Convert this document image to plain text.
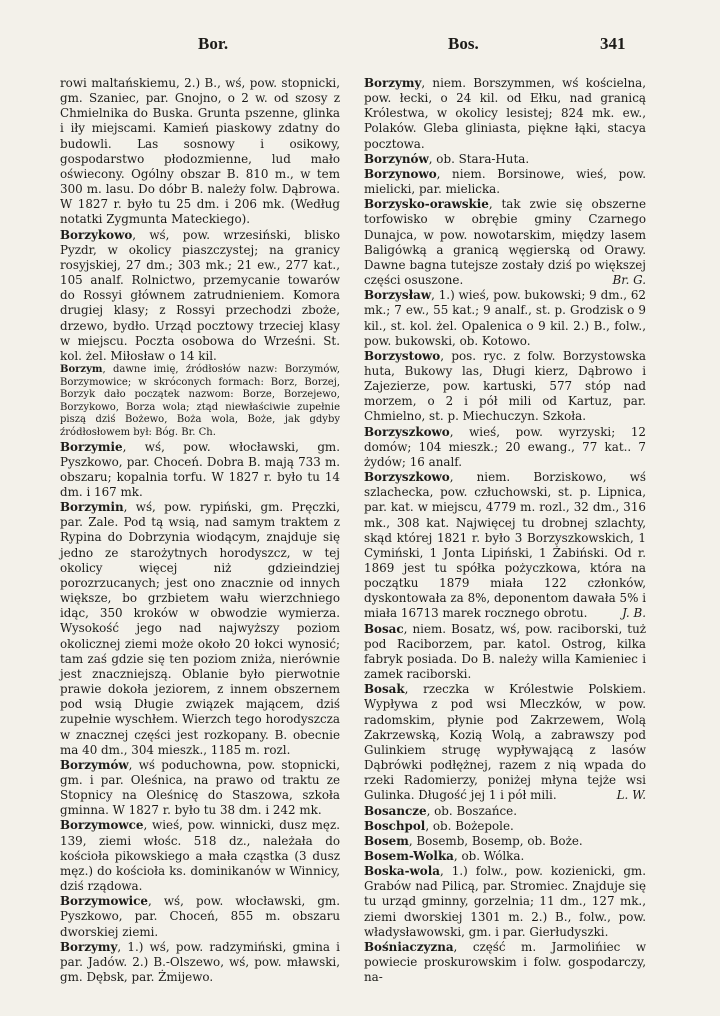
Bor.	Bos.	341

rowi maltańskiemu, 2.) B., wś, pow. stopnicki, gm. Szaniec, par. Gnojno, o 2 w. od szosy z Chmielnika do Buska. Grunta pszenne, glinka i iły miejscami. Kamień piaskowy zdatny do budowli. Las sosnowy i osikowy, gospodarstwo płodozmienne, lud mało oświecony. Ogólny obszar B. 810 m., w tem 300 m. lasu. Do dóbr B. należy folw. Dąbrowa. W 1827 r. było tu 25 dm. i 206 mk. (Według notatki Zygmunta Mateckiego).

Borzykowo, wś, pow. wrzesiński, blisko Pyzdr, w okolicy piaszczystej; na granicy rosyjskiej, 27 dm.; 303 mk.; 21 ew., 277 kat., 105 analf. Rolnictwo, przemycanie towarów do Rossyi głównem zatrudnieniem. Komora drugiej klasy; z Rossyi przechodzi zboże, drzewo, bydło. Urząd pocztowy trzeciej klasy w miejscu. Poczta osobowa do Wrześni. St. kol. żel. Miłosław o 14 kil.

Borzym, dawne imię, źródłosłów nazw: Borzymów, Borzymowice; w skróconych formach: Borz, Borzej, Borzyk dało początek nazwom: Borze, Borzejewo, Borzykowo, Borza wola; ztąd niewłaściwie zupełnie piszą dziś Bożewo, Boża wola, Boże, jak gdyby źródłosłowem był: Bóg. Br. Ch.

Borzymie, wś, pow. włocławski, gm. Pyszkowo, par. Choceń. Dobra B. mają 733 m. obszaru; kopalnia torfu. W 1827 r. było tu 14 dm. i 167 mk.

Borzymin, wś, pow. rypiński, gm. Pręczki, par. Zale. Pod tą wsią, nad samym traktem z Rypina do Dobrzynia wiodącym, znajduje się jedno ze starożytnych horodyszcz, w tej okolicy więcej niż gdzieindziej porozrzucanych; jest ono znacznie od innych większe, bo grzbietem wału wierzchniego idąc, 350 kroków w obwodzie wymierza. Wysokość jego nad najwyższy poziom okolicznej ziemi może około 20 łokci wynosić; tam zaś gdzie się ten poziom zniża, nierównie jest znaczniejszą. Oblanie było pierwotnie prawie dokoła jeziorem, z innem obszernem pod wsią Długie związek mającem, dziś zupełnie wyschłem. Wierzch tego horodyszcza w znacznej części jest rozkopany. B. obecnie ma 40 dm., 304 mieszk., 1185 m. rozl.

Borzymów, wś poduchowna, pow. stopnicki, gm. i par. Oleśnica, na prawo od traktu ze Stopnicy na Oleśnicę do Staszowa, szkoła gminna. W 1827 r. było tu 38 dm. i 242 mk.

Borzymowce, wieś, pow. winnicki, dusz męz. 139, ziemi włośc. 518 dz., należała do kościoła pikowskiego a mała cząstka (3 dusz męz.) do kościoła ks. dominikanów w Winnicy, dziś rządowa.

Borzymowice, wś, pow. włocławski, gm. Pyszkowo, par. Choceń, 855 m. obszaru dworskiej ziemi.

Borzymy, 1.) wś, pow. radzymiński, gmina i par. Jadów. 2.) B.-Olszewo, wś, pow. mławski, gm. Dębsk, par. Żmijewo.

Borzymy, niem. Borszymmen, wś kościelna, pow. łecki, o 24 kil. od Ełku, nad granicą Królestwa, w okolicy lesistej; 824 mk. ew., Polaków. Gleba gliniasta, piękne łąki, stacya pocztowa.

Borzynów, ob. Stara-Huta.

Borzynowo, niem. Borsinowe, wieś, pow. mielicki, par. mielicka.

Borzysko-orawskie, tak zwie się obszerne torfowisko w obrębie gminy Czarnego Dunajca, w pow. nowotarskim, między lasem Baligówką a granicą węgierską od Orawy. Dawne bagna tutejsze zostały dziś po większej części osuszone.	Br. G.

Borzysław, 1.) wieś, pow. bukowski; 9 dm., 62 mk.; 7 ew., 55 kat.; 9 analf., st. p. Grodzisk o 9 kil., st. kol. żel. Opalenica o 9 kil. 2.) B., folw., pow. bukowski, ob. Kotowo.

Borzystowo, pos. ryc. z folw. Borzystowska huta, Bukowy las, Długi kierz, Dąbrowo i Zajezierze, pow. kartuski, 577 stóp nad morzem, o 2 i pół mili od Kartuz, par. Chmielno, st. p. Miechuczyn. Szkoła.

Borzyszkowo, wieś, pow. wyrzyski; 12 domów; 104 mieszk.; 20 ewang., 77 kat.. 7 żydów; 16 analf.

Borzyszkowo, niem. Borziskowo, wś szlachecka, pow. człuchowski, st. p. Lipnica, par. kat. w miejscu, 4779 m. rozl., 32 dm., 316 mk., 308 kat. Najwięcej tu drobnej szlachty, skąd której 1821 r. było 3 Borzyszkowskich, 1 Cymiński, 1 Jonta Lipiński, 1 Żabiński. Od r. 1869 jest tu spółka pożyczkowa, która na początku 1879 miała 122 członków, dyskontowała za 8%, deponentom dawała 5% i miała 16713 marek rocznego obrotu.	J. B.

Bosac, niem. Bosatz, wś, pow. raciborski, tuż pod Raciborzem, par. katol. Ostrog, kilka fabryk posiada. Do B. należy willa Kamieniec i zamek raciborski.

Bosak, rzeczka w Królestwie Polskiem. Wypływa z pod wsi Mleczków, w pow. radomskim, płynie pod Zakrzewem, Wolą Zakrzewską, Kozią Wolą, a zabrawszy pod Gulinkiem strugę wypływającą z lasów Dąbrówki podłężnej, razem z nią wpada do rzeki Radomierzy, poniżej młyna tejże wsi Gulinka. Długość jej 1 i pół mili.	L. W.

Bosancze, ob. Boszańce.

Boschpol, ob. Bożepole.

Bosem, Bosemb, Bosemp, ob. Boże.

Bosem-Wolka, ob. Wólka.

Boska-wola, 1.) folw., pow. kozienicki, gm. Grabów nad Pilicą, par. Stromiec. Znajduje się tu urząd gminny, gorzelnia; 11 dm., 127 mk., ziemi dworskiej 1301 m. 2.) B., folw., pow. władysławowski, gm. i par. Gierłudyszki.

Bośniaczyzna, część m. Jarmolińiec w powiecie proskurowskim i folw. gospodarczy, na-
